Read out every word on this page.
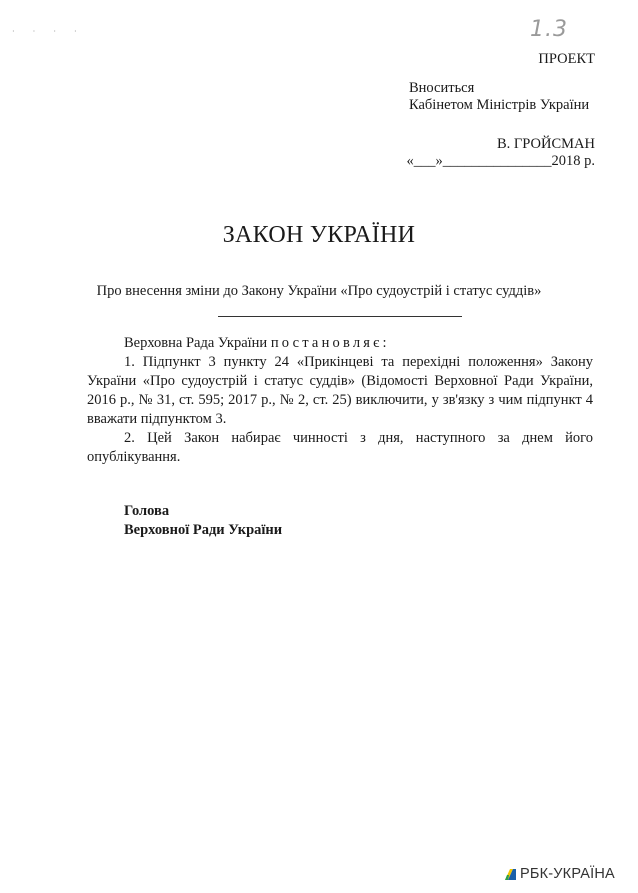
· · · ·	1.3
ПРОЕКТ
Вноситься
Кабінетом Міністрів України
В. ГРОЙСМАН
«___»_______________2018 р.
ЗАКОН УКРАЇНИ
Про внесення зміни до Закону України «Про судоустрій і статус суддів»

Верховна Рада України постановляє:

1. Підпункт 3 пункту 24 «Прикінцеві та перехідні положення» Закону України «Про судоустрій і статус суддів» (Відомості Верховної Ради України, 2016 р., № 31, ст. 595; 2017 р., № 2, ст. 25) виключити, у зв'язку з чим підпункт 4 вважати підпунктом 3.

2. Цей Закон набирає чинності з дня, наступного за днем його опублікування.

Голова
Верховної Ради України
РБК-УКРАЇНА
